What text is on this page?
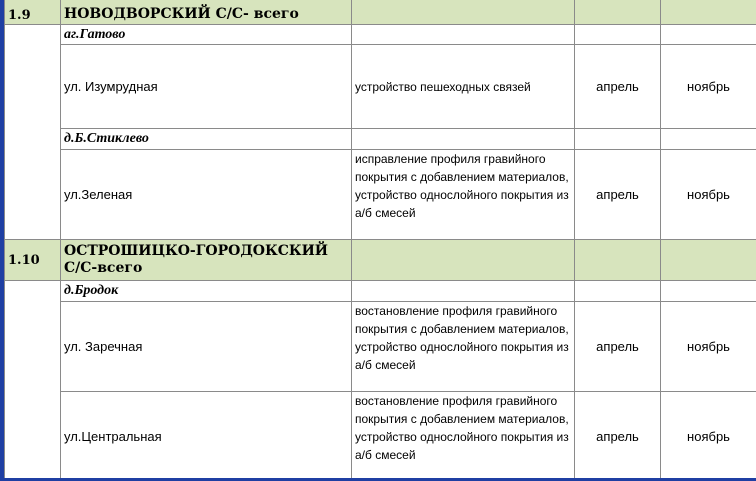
1.9	НОВОДВОРСКИЙ С/С- всего			
	аг.Гатово			
	ул. Изумрудная	устройство пешеходных связей	апрель	ноябрь
	д.Б.Стиклево			
	ул.Зеленая	исправление профиля гравийного покрытия с добавлением материалов, устройство однослойного покрытия из а/б смесей	апрель	ноябрь
1.10	ОСТРОШИЦКО-ГОРОДОКСКИЙ С/С-всего			
	д.Бродок			
	ул. Заречная	востановление профиля гравийного покрытия с добавлением материалов, устройство однослойного покрытия из а/б смесей	апрель	ноябрь
	ул.Центральная	востановление профиля гравийного покрытия с добавлением материалов, устройство однослойного покрытия из а/б смесей	апрель	ноябрь
